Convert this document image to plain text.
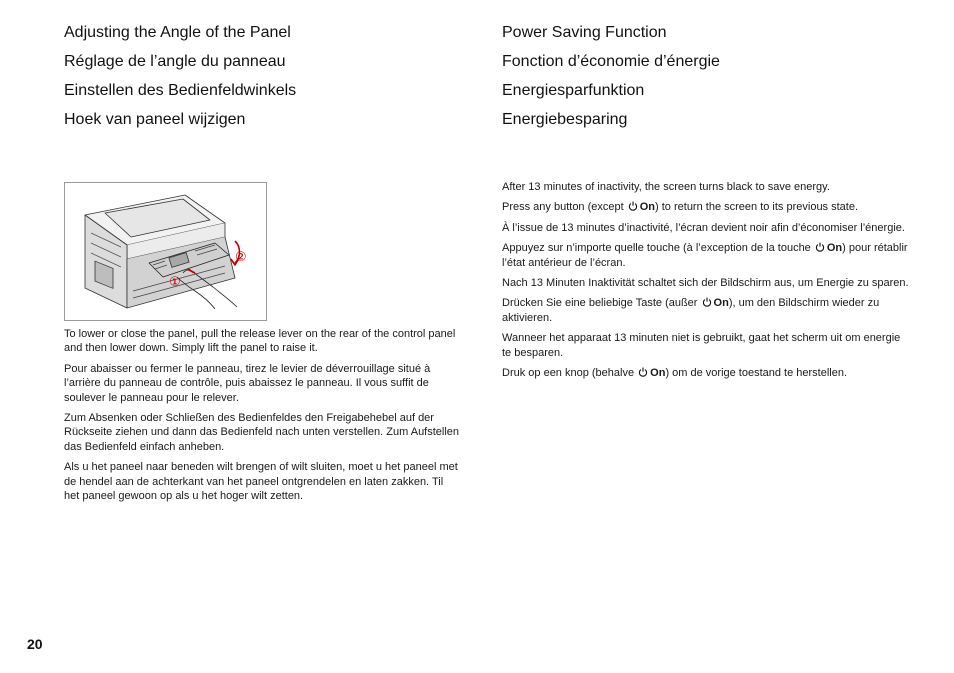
Adjusting the Angle of the Panel
Réglage de l’angle du panneau
Einstellen des Bedienfeldwinkels
Hoek van paneel wijzigen

To lower or close the panel, pull the release lever on the rear of the control panel and then lower down. Simply lift the panel to raise it.

Pour abaisser ou fermer le panneau, tirez le levier de déverrouillage situé à l’arrière du panneau de contrôle, puis abaissez le panneau. Il vous suffit de soulever le panneau pour le relever.

Zum Absenken oder Schließen des Bedienfeldes den Freigabehebel auf der Rückseite ziehen und dann das Bedienfeld nach unten verstellen. Zum Aufstellen das Bedienfeld einfach anheben.

Als u het paneel naar beneden wilt brengen of wilt sluiten, moet u het paneel met de hendel aan de achterkant van het paneel ontgrendelen en laten zakken. Til het paneel gewoon op als u het hoger wilt zetten.

①
②
Power Saving Function
Fonction d’économie d’énergie
Energiesparfunktion
Energiebesparing

After 13 minutes of inactivity, the screen turns black to save energy.

Press any button (except On) to return the screen to its previous state.

À l’issue de 13 minutes d’inactivité, l’écran devient noir afin d’économiser l’énergie.

Appuyez sur n’importe quelle touche (à l’exception de la touche On) pour rétablir l’état antérieur de l’écran.

Nach 13 Minuten Inaktivität schaltet sich der Bildschirm aus, um Energie zu sparen.

Drücken Sie eine beliebige Taste (außer On), um den Bildschirm wieder zu aktivieren.

Wanneer het apparaat 13 minuten niet is gebruikt, gaat het scherm uit om energie te besparen.

Druk op een knop (behalve On) om de vorige toestand te herstellen.

20
